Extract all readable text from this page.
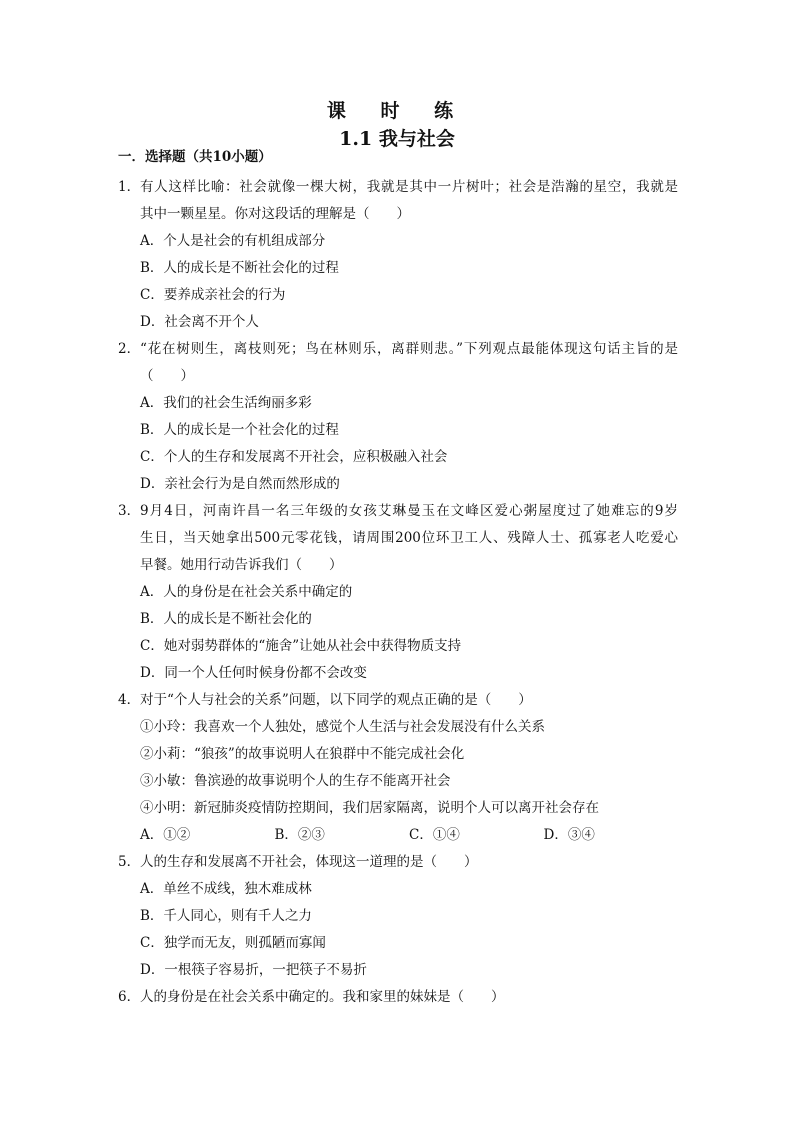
课 时 练
1.1 我与社会
一．选择题（共10小题）
1． 有人这样比喻：社会就像一棵大树，我就是其中一片树叶；社会是浩瀚的星空，我就是
其中一颗星星。你对这段话的理解是（　　）
A．个人是社会的有机组成部分
B．人的成长是不断社会化的过程
C．要养成亲社会的行为
D．社会离不开个人
2． “花在树则生，离枝则死；鸟在林则乐，离群则悲。”下列观点最能体现这句话主旨的是
（　　）
A．我们的社会生活绚丽多彩
B．人的成长是一个社会化的过程
C．个人的生存和发展离不开社会，应积极融入社会
D．亲社会行为是自然而然形成的
3． 9月4日，河南许昌一名三年级的女孩艾琳曼玉在文峰区爱心粥屋度过了她难忘的9岁
生日，当天她拿出500元零花钱，请周围200位环卫工人、残障人士、孤寡老人吃爱心
早餐。她用行动告诉我们（　　）
A．人的身份是在社会关系中确定的
B．人的成长是不断社会化的
C．她对弱势群体的“施舍”让她从社会中获得物质支持
D．同一个人任何时候身份都不会改变
4． 对于“个人与社会的关系”问题，以下同学的观点正确的是（　　）
①小玲：我喜欢一个人独处，感觉个人生活与社会发展没有什么关系
②小莉：“狼孩”的故事说明人在狼群中不能完成社会化
③小敏：鲁滨逊的故事说明个人的生存不能离开社会
④小明：新冠肺炎疫情防控期间，我们居家隔离，说明个人可以离开社会存在
A．①②	B．②③	C．①④	D．③④
5． 人的生存和发展离不开社会，体现这一道理的是（　　）
A．单丝不成线，独木难成林
B．千人同心，则有千人之力
C．独学而无友，则孤陋而寡闻
D．一根筷子容易折，一把筷子不易折
6． 人的身份是在社会关系中确定的。我和家里的妹妹是（　　）
